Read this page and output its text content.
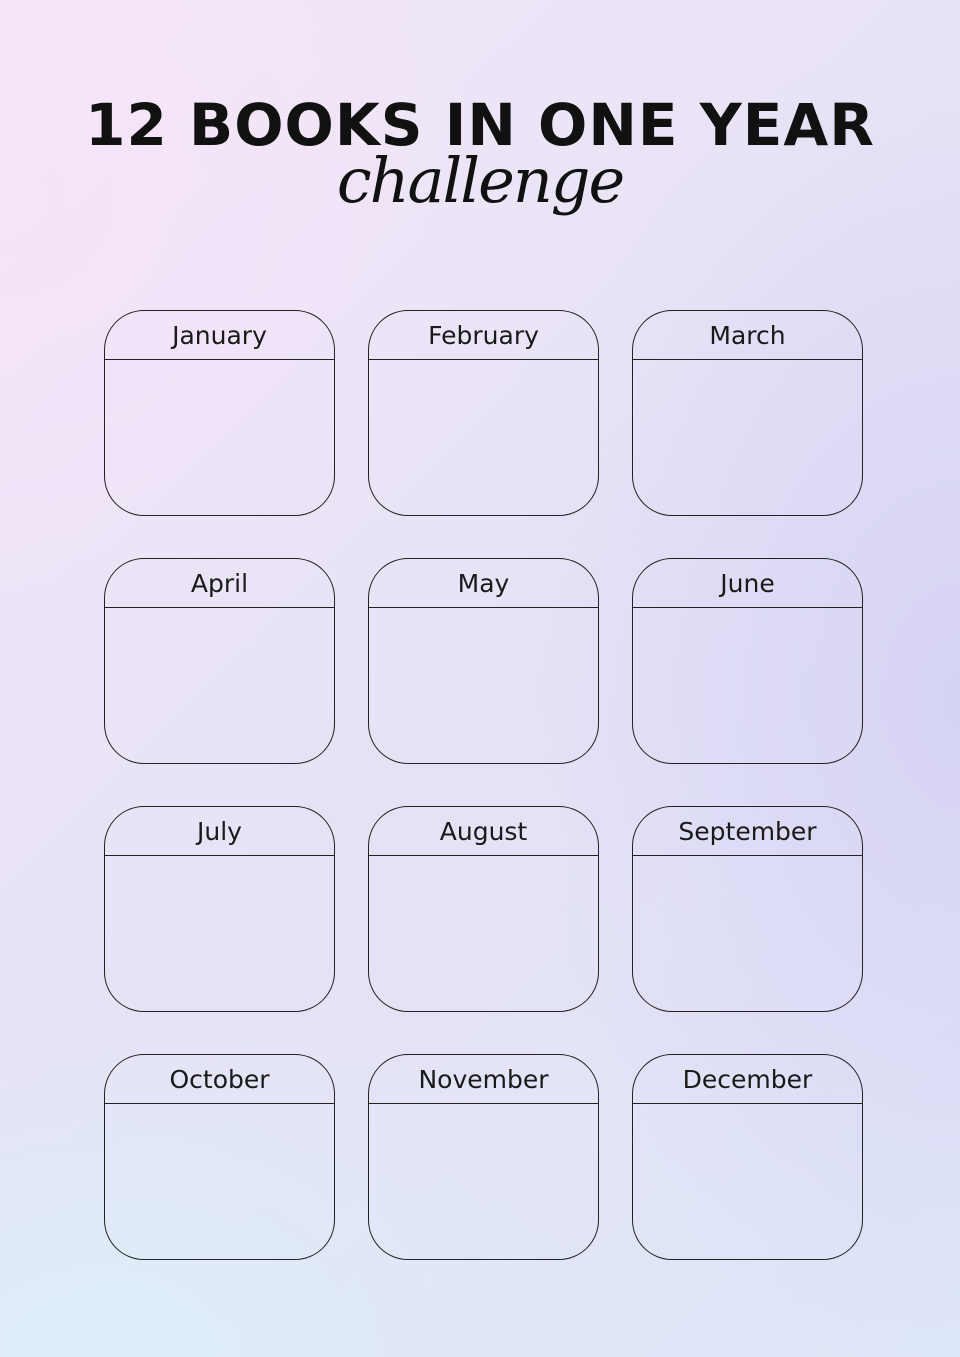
12 BOOKS IN ONE YEAR
challenge
January	February	March
April	May	June
July	August	September
October	November	December
